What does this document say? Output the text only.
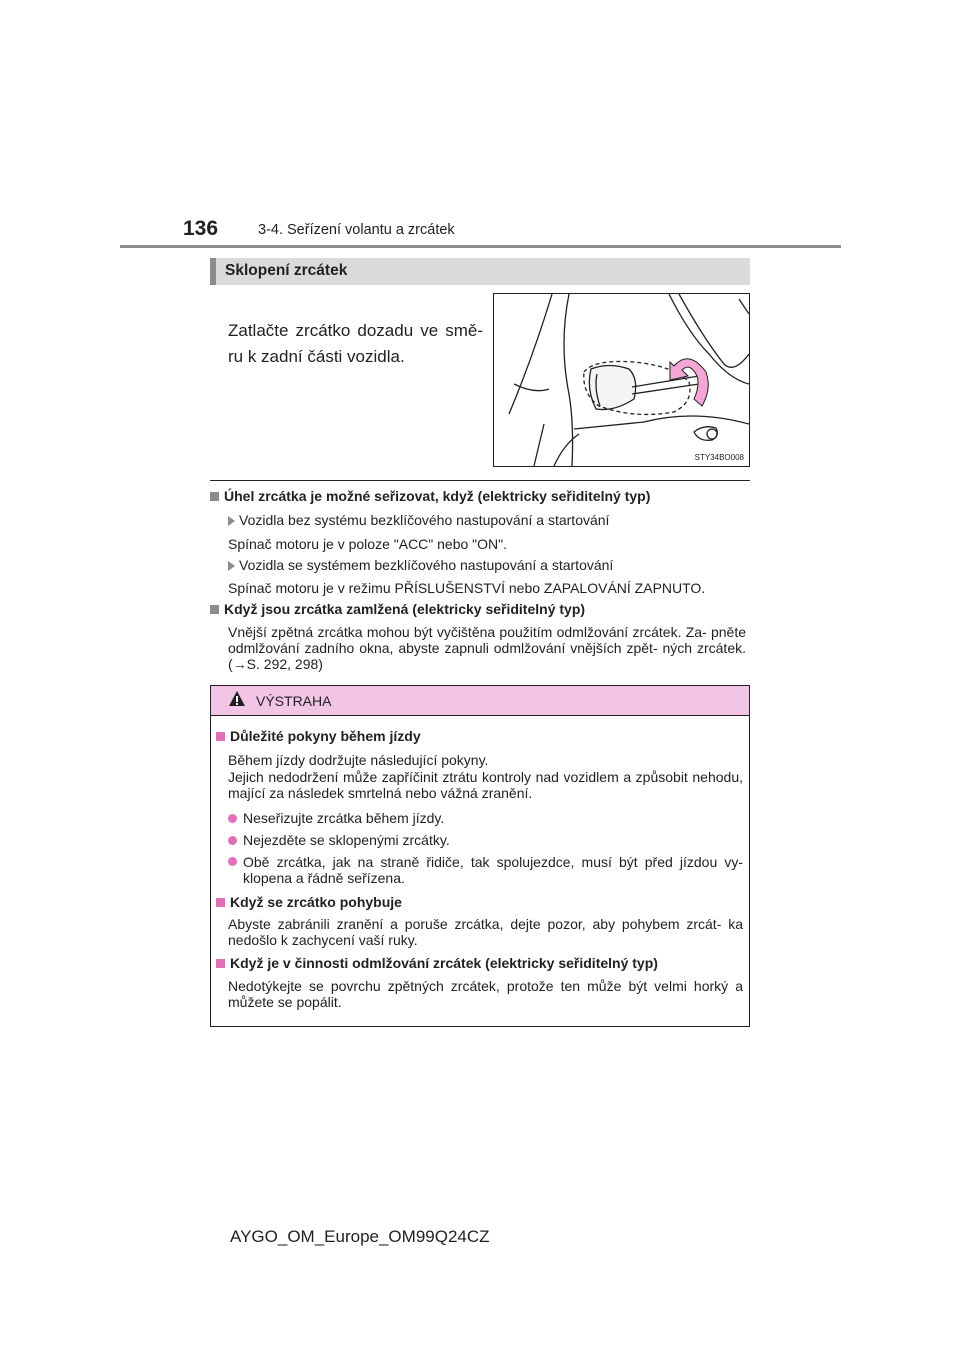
136	3-4. Seřízení volantu a zrcátek
Sklopení zrcátek
Zatlačte zrcátko dozadu ve smě- ru k zadní části vozidla.
STY34BO008
Úhel zrcátka je možné seřizovat, když (elektricky seřiditelný typ)
Vozidla bez systému bezklíčového nastupování a startování
Spínač motoru je v poloze "ACC" nebo "ON".
Vozidla se systémem bezklíčového nastupování a startování
Spínač motoru je v režimu PŘÍSLUŠENSTVÍ nebo ZAPALOVÁNÍ ZAPNUTO.
Když jsou zrcátka zamlžená (elektricky seřiditelný typ)
Vnější zpětná zrcátka mohou být vyčištěna použitím odmlžování zrcátek. Za- pněte odmlžování zadního okna, abyste zapnuli odmlžování vnějších zpět- ných zrcátek. (→S. 292, 298)
VÝSTRAHA
Důležité pokyny během jízdy
Během jízdy dodržujte následující pokyny.
Jejich nedodržení může zapříčinit ztrátu kontroly nad vozidlem a způsobit nehodu, mající za následek smrtelná nebo vážná zranění.
Neseřizujte zrcátka během jízdy.
Nejezděte se sklopenými zrcátky.
Obě zrcátka, jak na straně řidiče, tak spolujezdce, musí být před jízdou vy- klopena a řádně seřízena.
Když se zrcátko pohybuje
Abyste zabránili zranění a poruše zrcátka, dejte pozor, aby pohybem zrcát- ka nedošlo k zachycení vaší ruky.
Když je v činnosti odmlžování zrcátek (elektricky seřiditelný typ)
Nedotýkejte se povrchu zpětných zrcátek, protože ten může být velmi horký a můžete se popálit.
AYGO_OM_Europe_OM99Q24CZ
